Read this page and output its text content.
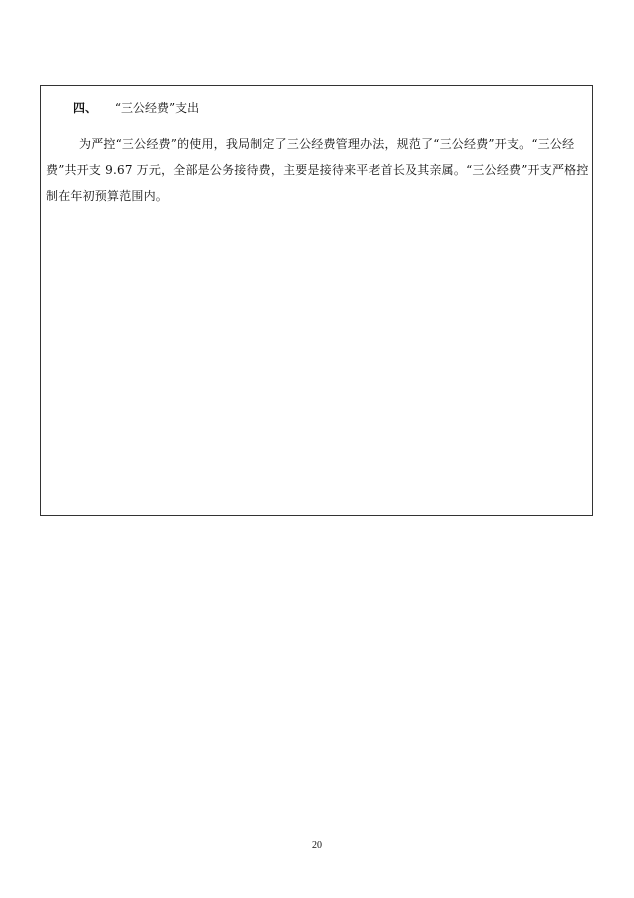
四、 “三公经费”支出

为严控“三公经费”的使用，我局制定了三公经费管理办法，规范了“三公经费”开支。“三公经费”共开支 9.67 万元，全部是公务接待费，主要是接待来平老首长及其亲属。“三公经费”开支严格控制在年初预算范围内。

20
